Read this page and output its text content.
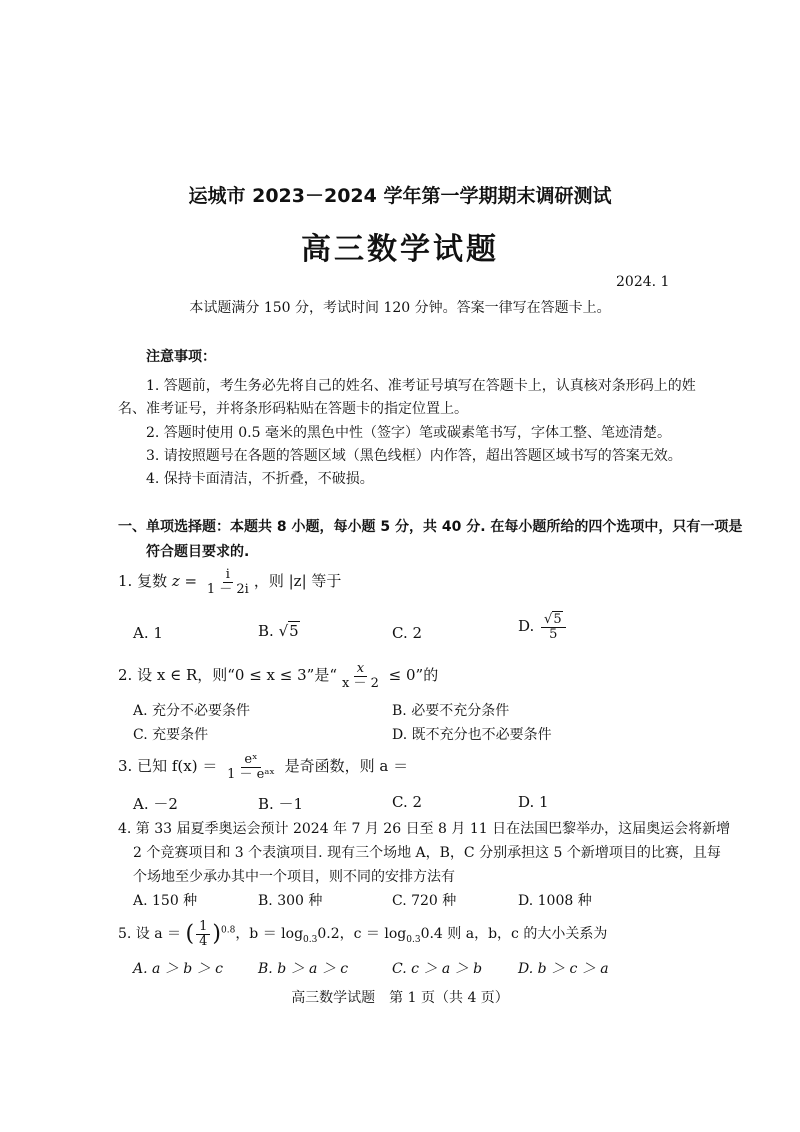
运城市 2023－2024 学年第一学期期末调研测试
高三数学试题
2024. 1
本试题满分 150 分，考试时间 120 分钟。答案一律写在答题卡上。
注意事项：
1. 答题前，考生务必先将自己的姓名、准考证号填写在答题卡上，认真核对条形码上的姓
名、准考证号，并将条形码粘贴在答题卡的指定位置上。
2. 答题时使用 0.5 毫米的黑色中性（签字）笔或碳素笔书写，字体工整、笔迹清楚。
3. 请按照题号在各题的答题区域（黑色线框）内作答，超出答题区域书写的答案无效。
4. 保持卡面清洁，不折叠，不破损。
一、单项选择题：本题共 8 小题，每小题 5 分，共 40 分. 在每小题所给的四个选项中，只有一项是
符合题目要求的.
1. 复数 $z = \frac{i}{1 - 2i}$ ，则 |z| 等于
A. 1	B. √5	C. 2	D. $\frac{√5}{5}$
2. 设 x ∈ R，则“0 ≤ x ≤ 3”是“ $\frac{x}{x - 2} \le 0$”的
A. 充分不必要条件	B. 必要不充分条件
C. 充要条件	D. 既不充分也不必要条件
3. 已知 $f(x) = \frac{\text{eˣ}}{\text{1 － eᵃˣ}}$ 是奇函数，则 a ＝
A. －2	B. －1	C. 2	D. 1
4. 第 33 届夏季奥运会预计 2024 年 7 月 26 日至 8 月 11 日在法国巴黎举办，这届奥运会将新增
2 个竞赛项目和 3 个表演项目. 现有三个场地 A，B，C 分别承担这 5 个新增项目的比赛，且每
个场地至少承办其中一个项目，则不同的安排方法有
A. 150 种	B. 300 种	C. 720 种	D. 1008 种
5. 设 a ＝ ( $\frac{1}{4} )^{0.8}$，$b = \log_{0.3}0.2$，$c = \log_{0.3}0.4$ 则 a，b，c 的大小关系为
A. a ＞ b ＞ c	B. b ＞ a ＞ c	C. c ＞ a ＞ b	D. b ＞ c ＞ a
高三数学试题　第 1 页（共 4 页）
